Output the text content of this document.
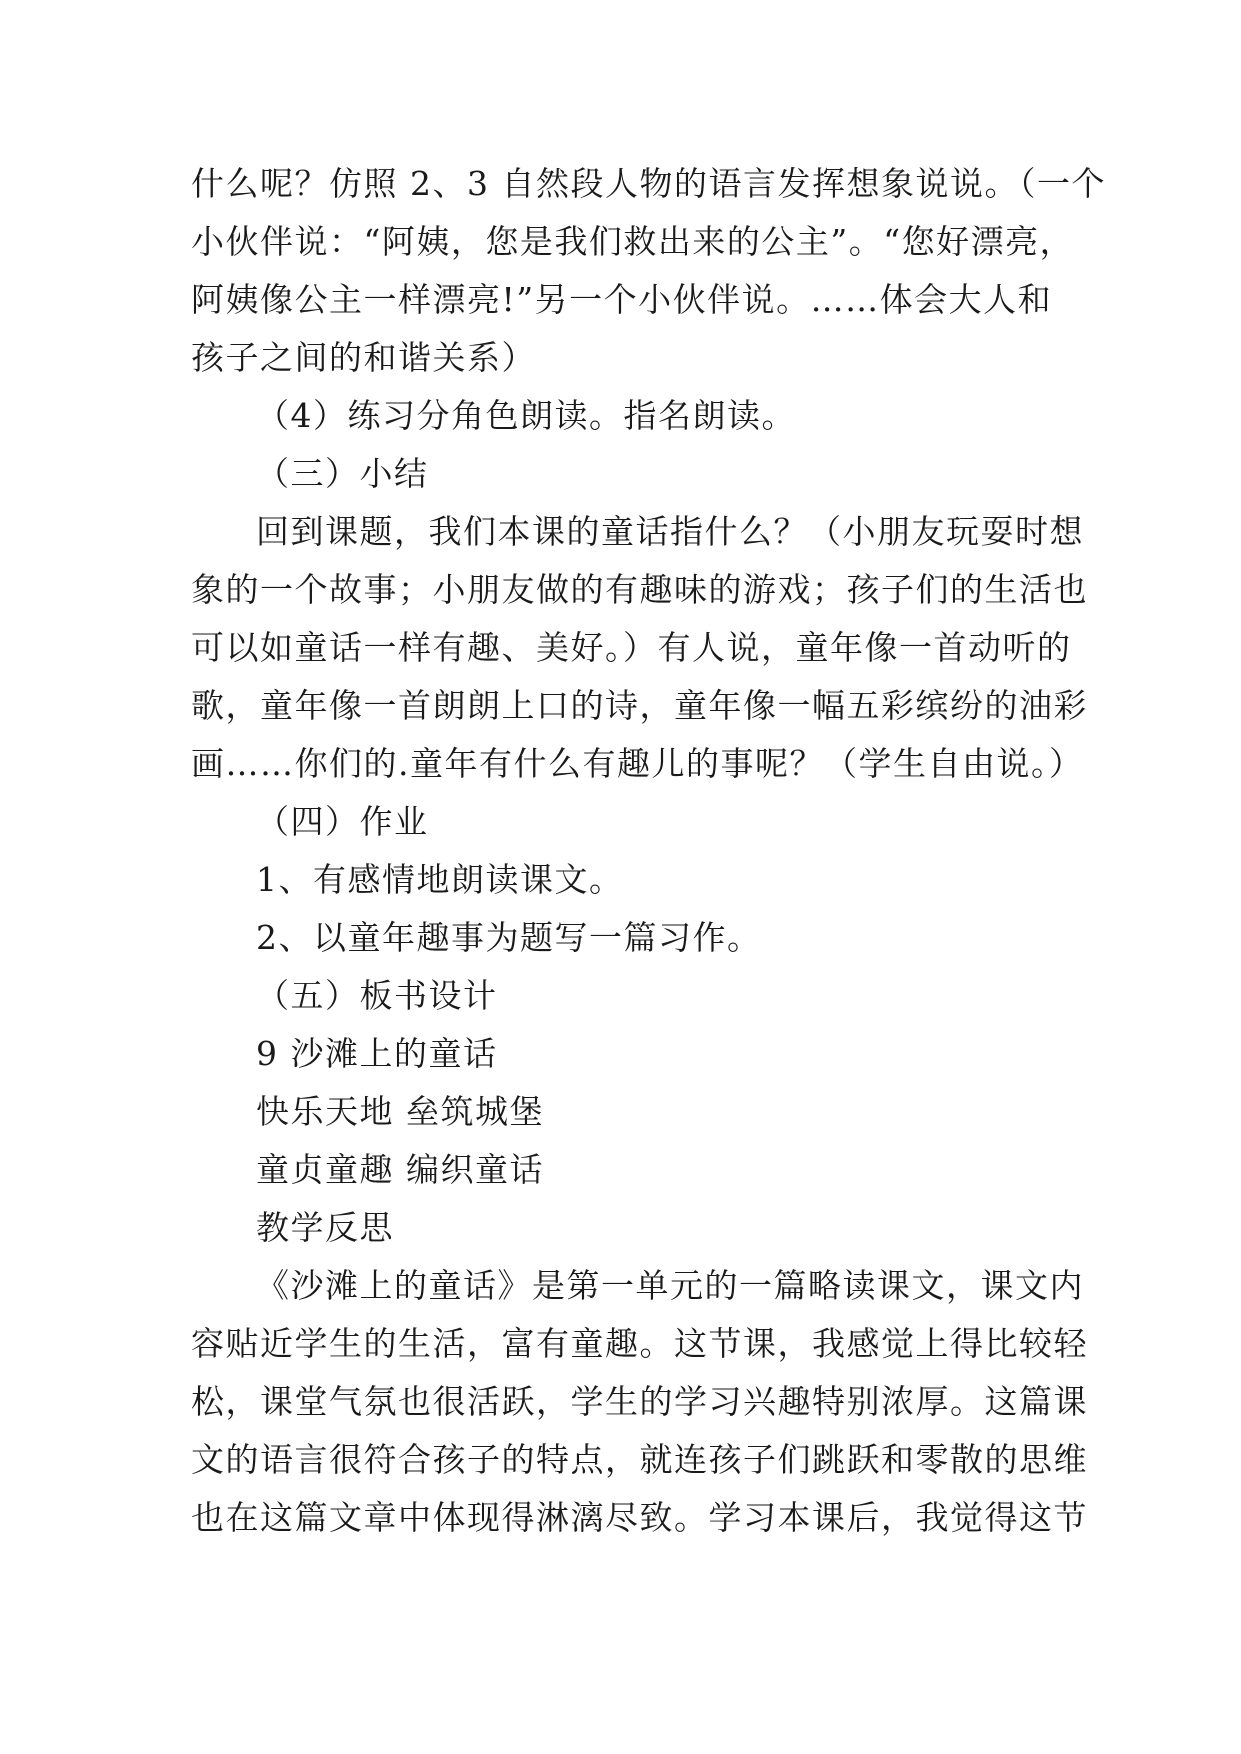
什么呢？仿照 2、3 自然段人物的语言发挥想象说说。（一个
小伙伴说：“阿姨，您是我们救出来的公主”。“您好漂亮，
阿姨像公主一样漂亮!”另一个小伙伴说。……体会大人和
孩子之间的和谐关系）
（4）练习分角色朗读。指名朗读。
（三）小结
回到课题，我们本课的童话指什么？（小朋友玩耍时想
象的一个故事；小朋友做的有趣味的游戏；孩子们的生活也
可以如童话一样有趣、美好。）有人说，童年像一首动听的
歌，童年像一首朗朗上口的诗，童年像一幅五彩缤纷的油彩
画……你们的.童年有什么有趣儿的事呢？（学生自由说。）
（四）作业
1、有感情地朗读课文。
2、以童年趣事为题写一篇习作。
（五）板书设计
9 沙滩上的童话
快乐天地 垒筑城堡
童贞童趣 编织童话
教学反思
《沙滩上的童话》是第一单元的一篇略读课文，课文内
容贴近学生的生活，富有童趣。这节课，我感觉上得比较轻
松，课堂气氛也很活跃，学生的学习兴趣特别浓厚。这篇课
文的语言很符合孩子的特点，就连孩子们跳跃和零散的思维
也在这篇文章中体现得淋漓尽致。学习本课后，我觉得这节
